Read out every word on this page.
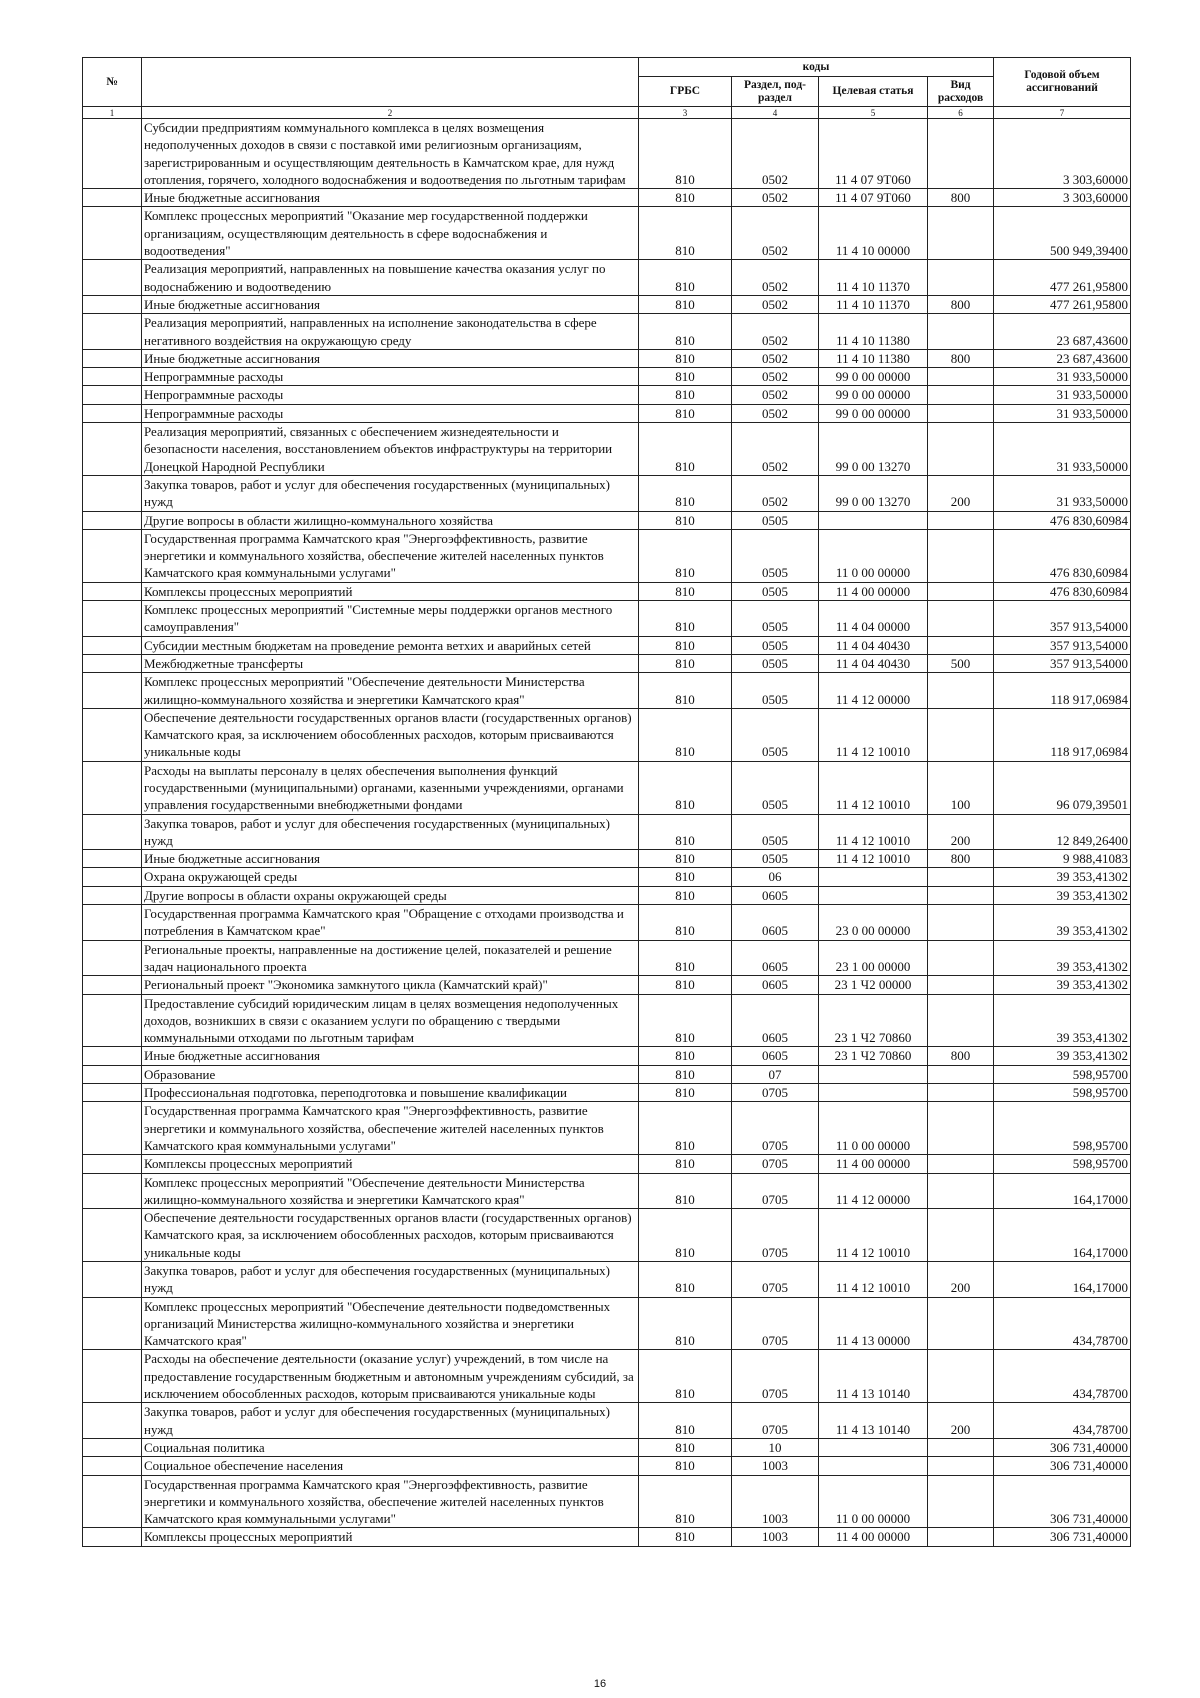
№		коды				Годовой объем ассигнований
		ГРБС	Раздел, под-раздел	Целевая статья	Вид расходов	
1	2	3	4	5	6	7
	Субсидии предприятиям коммунального комплекса в целях возмещения недополученных доходов в связи с поставкой ими религиозным организациям, зарегистрированным и осуществляющим деятельность в Камчатском крае, для нужд отопления, горячего, холодного водоснабжения и водоотведения по льготным тарифам	810	0502	11 4 07 9Т060		3 303,60000
	Иные бюджетные ассигнования	810	0502	11 4 07 9Т060	800	3 303,60000
	Комплекс процессных мероприятий "Оказание мер государственной поддержки организациям, осуществляющим деятельность в сфере водоснабжения и водоотведения"	810	0502	11 4 10 00000		500 949,39400
	Реализация мероприятий, направленных на повышение качества оказания услуг по водоснабжению и водоотведению	810	0502	11 4 10 11370		477 261,95800
	Иные бюджетные ассигнования	810	0502	11 4 10 11370	800	477 261,95800
	Реализация мероприятий, направленных на исполнение законодательства в сфере негативного воздействия на окружающую среду	810	0502	11 4 10 11380		23 687,43600
	Иные бюджетные ассигнования	810	0502	11 4 10 11380	800	23 687,43600
	Непрограммные расходы	810	0502	99 0 00 00000		31 933,50000
	Непрограммные расходы	810	0502	99 0 00 00000		31 933,50000
	Непрограммные расходы	810	0502	99 0 00 00000		31 933,50000
	Реализация мероприятий, связанных с обеспечением жизнедеятельности и безопасности населения, восстановлением объектов инфраструктуры на территории Донецкой Народной Республики	810	0502	99 0 00 13270		31 933,50000
	Закупка товаров, работ и услуг для обеспечения государственных (муниципальных) нужд	810	0502	99 0 00 13270	200	31 933,50000
	Другие вопросы в области жилищно-коммунального хозяйства	810	0505			476 830,60984
	Государственная программа Камчатского края "Энергоэффективность, развитие энергетики и коммунального хозяйства, обеспечение жителей населенных пунктов Камчатского края коммунальными услугами"	810	0505	11 0 00 00000		476 830,60984
	Комплексы процессных мероприятий	810	0505	11 4 00 00000		476 830,60984
	Комплекс процессных мероприятий "Системные меры поддержки органов местного самоуправления"	810	0505	11 4 04 00000		357 913,54000
	Субсидии местным бюджетам на проведение ремонта ветхих и аварийных сетей	810	0505	11 4 04 40430		357 913,54000
	Межбюджетные трансферты	810	0505	11 4 04 40430	500	357 913,54000
	Комплекс процессных мероприятий "Обеспечение деятельности Министерства жилищно-коммунального хозяйства и энергетики Камчатского края"	810	0505	11 4 12 00000		118 917,06984
	Обеспечение деятельности государственных органов власти (государственных органов) Камчатского края, за исключением обособленных расходов, которым присваиваются уникальные коды	810	0505	11 4 12 10010		118 917,06984
	Расходы на выплаты персоналу в целях обеспечения выполнения функций государственными (муниципальными) органами, казенными учреждениями, органами управления государственными внебюджетными фондами	810	0505	11 4 12 10010	100	96 079,39501
	Закупка товаров, работ и услуг для обеспечения государственных (муниципальных) нужд	810	0505	11 4 12 10010	200	12 849,26400
	Иные бюджетные ассигнования	810	0505	11 4 12 10010	800	9 988,41083
	Охрана окружающей среды	810	06			39 353,41302
	Другие вопросы в области охраны окружающей среды	810	0605			39 353,41302
	Государственная программа Камчатского края "Обращение с отходами производства и потребления в Камчатском крае"	810	0605	23 0 00 00000		39 353,41302
	Региональные проекты, направленные на достижение целей, показателей и решение задач национального проекта	810	0605	23 1 00 00000		39 353,41302
	Региональный проект "Экономика замкнутого цикла (Камчатский край)"	810	0605	23 1 Ч2 00000		39 353,41302
	Предоставление субсидий юридическим лицам в целях возмещения недополученных доходов, возникших в связи с оказанием услуги по обращению с твердыми коммунальными отходами по льготным тарифам	810	0605	23 1 Ч2 70860		39 353,41302
	Иные бюджетные ассигнования	810	0605	23 1 Ч2 70860	800	39 353,41302
	Образование	810	07			598,95700
	Профессиональная подготовка, переподготовка и повышение квалификации	810	0705			598,95700
	Государственная программа Камчатского края "Энергоэффективность, развитие энергетики и коммунального хозяйства, обеспечение жителей населенных пунктов Камчатского края коммунальными услугами"	810	0705	11 0 00 00000		598,95700
	Комплексы процессных мероприятий	810	0705	11 4 00 00000		598,95700
	Комплекс процессных мероприятий "Обеспечение деятельности Министерства жилищно-коммунального хозяйства и энергетики Камчатского края"	810	0705	11 4 12 00000		164,17000
	Обеспечение деятельности государственных органов власти (государственных органов) Камчатского края, за исключением обособленных расходов, которым присваиваются уникальные коды	810	0705	11 4 12 10010		164,17000
	Закупка товаров, работ и услуг для обеспечения государственных (муниципальных) нужд	810	0705	11 4 12 10010	200	164,17000
	Комплекс процессных мероприятий "Обеспечение деятельности подведомственных организаций Министерства жилищно-коммунального хозяйства и энергетики Камчатского края"	810	0705	11 4 13 00000		434,78700
	Расходы на обеспечение деятельности (оказание услуг) учреждений, в том числе на предоставление государственным бюджетным и автономным учреждениям субсидий, за исключением обособленных расходов, которым присваиваются уникальные коды	810	0705	11 4 13 10140		434,78700
	Закупка товаров, работ и услуг для обеспечения государственных (муниципальных) нужд	810	0705	11 4 13 10140	200	434,78700
	Социальная политика	810	10			306 731,40000
	Социальное обеспечение населения	810	1003			306 731,40000
	Государственная программа Камчатского края "Энергоэффективность, развитие энергетики и коммунального хозяйства, обеспечение жителей населенных пунктов Камчатского края коммунальными услугами"	810	1003	11 0 00 00000		306 731,40000
	Комплексы процессных мероприятий	810	1003	11 4 00 00000		306 731,40000
16
